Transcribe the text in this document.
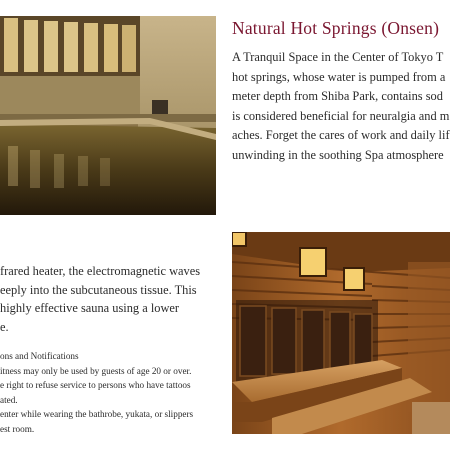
Natural Hot Springs (Onsen)
A Tranquil Space in the Center of Tokyo T
hot springs, whose water is pumped from a
meter depth from Shiba Park, contains sod
is considered beneficial for neuralgia and m
aches. Forget the cares of work and daily lif
unwinding in the soothing Spa atmosphere
frared heater, the electromagnetic waves
eeply into the subcutaneous tissue. This
highly effective sauna using a lower
e.
ons and Notifications
itness may only be used by guests of age 20 or over.
e right to refuse service to persons who have tattoos
ated.
enter while wearing the bathrobe, yukata, or slippers
est room.
